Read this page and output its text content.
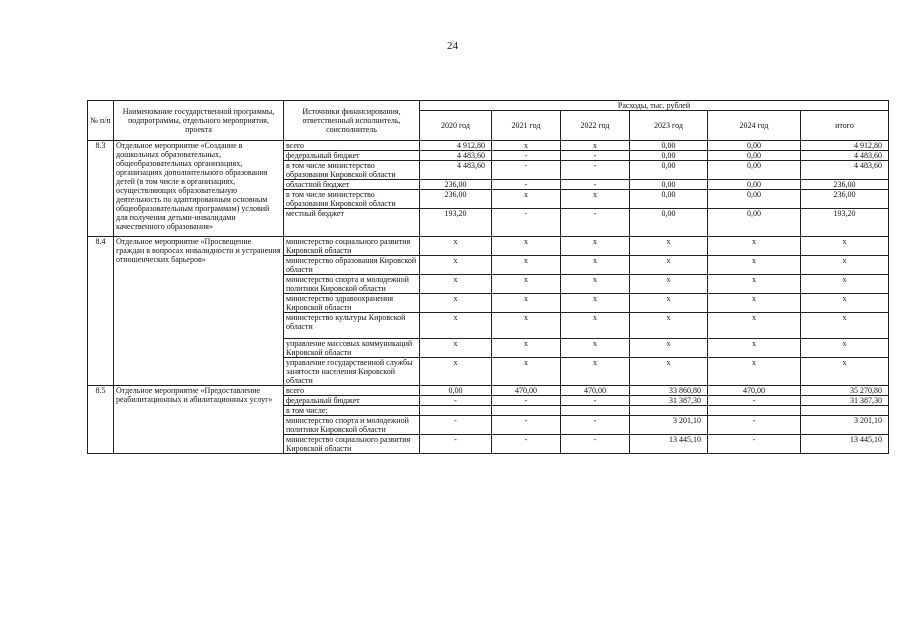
24
№ п/п	Наименование государственной программы, подпрограммы, отдельного мероприятия, проекта	Источники финансирования, ответственный исполнитель, соисполнитель	Расходы, тыс. рублей					
			2020 год	2021 год	2022 год	2023 год	2024 год	итого
8.3	Отдельное мероприятие «Создание в дошкольных образовательных, общеобразовательных организациях, организациях дополнительного образования детей (в том числе в организациях, осуществляющих образовательную деятельность по адаптированным основным общеобразовательным программам) условий для получения детьми-инвалидами качественного образования»	всего	4 912,80	х	х	0,00	0,00	4 912,80
		федеральный бюджет	4 483,60	-	-	0,00	0,00	4 483,60
		в том числе министерство образования Кировской области	4 483,60	-	-	0,00	0,00	4 483,60
		областной бюджет	236,00	-	-	0,00	0,00	236,00
		в том числе министерство образования Кировской области	236,00	х	х	0,00	0,00	236,00
		местный бюджет	193,20	-	-	0,00	0,00	193,20
8.4	Отдельное мероприятие «Просвещение граждан в вопросах инвалидности и устранения отношенческих барьеров»	министерство социального развития Кировской области	х	х	х	х	х	х
		министерство образования Кировской области	х	х	х	х	х	х
		министерство спорта и молодежной политики Кировской области	х	х	х	х	х	х
		министерство здравоохранения Кировской области	х	х	х	х	х	х
		министерство культуры Кировской области	х	х	х	х	х	х
		управление массовых коммуникаций Кировской области	х	х	х	х	х	х
		управление государственной службы занятости населения Кировской области	х	х	х	х	х	х
8.5	Отдельное мероприятие «Предоставление реабилитационных и абилитационных услуг»	всего	0,00	470,00	470,00	33 860,80	470,00	35 270,80
		федеральный бюджет	-	-	-	31 387,30	-	31 387,30
		в том числе:						
		министерство спорта и молодежной политики Кировской области	-	-	-	3 201,10	-	3 201,10
		министерство социального развития Кировской области	-	-	-	13 445,10	-	13 445,10
